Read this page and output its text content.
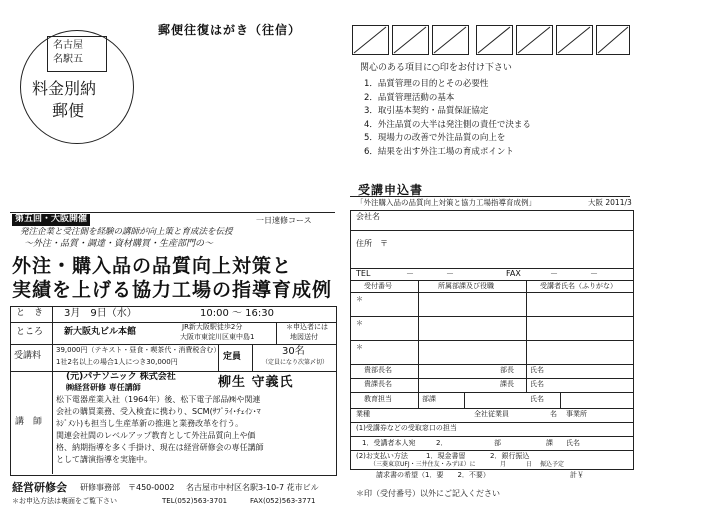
郵便往復はがき（往信）
名古屋
名駅五
料金別納
郵便
関心のある項目に○印をお付け下さい
1．品質管理の目的とその必要性
2．品質管理活動の基本
3．取引基本契約・品質保証協定
4．外注品質の大半は発注側の責任で決まる
5．現場力の改善で外注品質の向上を
6．結果を出す外注工場の育成ポイント
第五回・大阪開催	一日速修コース
発注企業と受注側を経験の講師が向上策と育成法を伝授
～外注・品質・調達・資材購買・生産部門の～
外注・購入品の品質向上対策と
実績を上げる協力工場の指導育成例
と　き 3月　9日（水）	10:00 ～ 16:30
ところ 新大阪丸ビル本館	JR新大阪駅徒歩2分
大阪市東淀川区東中島1
＊申込者には
地図送付
受講料
39,000円（テキスト・昼食・喫茶代・消費税含む）
1社2名以上の場合1人につき30,000円	定員	30名
（定員になり次第〆切）
講　師
(元)パナソニック 株式会社
㈱経営研修 専任講師	柳生 守義氏
松下電器産業入社（1964年）後、松下電子部品㈱や関連
会社の購買業務、受入検査に携わり、SCM(ｻﾌﾟﾗｲ･ﾁｪｲﾝ･ﾏ
ﾈｼﾞﾒﾝﾄ)も担当し生産革新の推進と業務改革を行う。
関連会社間のレベルアップ教育として外注品質向上や価
格、納期指導を多く手掛け、現在は経営研修会の専任講師
として講演指導を実施中。
経営研修会 研修事務部 〒450-0002 名古屋市中村区名駅3-10-7 花市ビル
＊お申込方法は裏面をご覧下さい	TEL(052)563-3701	FAX(052)563-3771
受講申込書
「外注購入品の品質向上対策と協力工場指導育成例」	大阪 2011/3
会社名
住所　〒
TEL	－	－	FAX	－	－
受付番号	所属部課及び役職	受講者氏名（ふりがな）
＊
＊
＊
貴部長名	部長 氏名
貴課長名	課長 氏名
教育担当	部課	氏名
業種	全社従業員	名 事業所
(1)受講券などの受取窓口の担当
1．受講者本人宛	2．	部	課 氏名
(2)お支払い方法	1．現金書留	2．銀行振込
（三菱東京UFJ・三井住友・みずほ）に	月	日 振込予定
請求書の希望（1．要　　2．不要）	計￥
＊印（受付番号）以外にご記入ください
